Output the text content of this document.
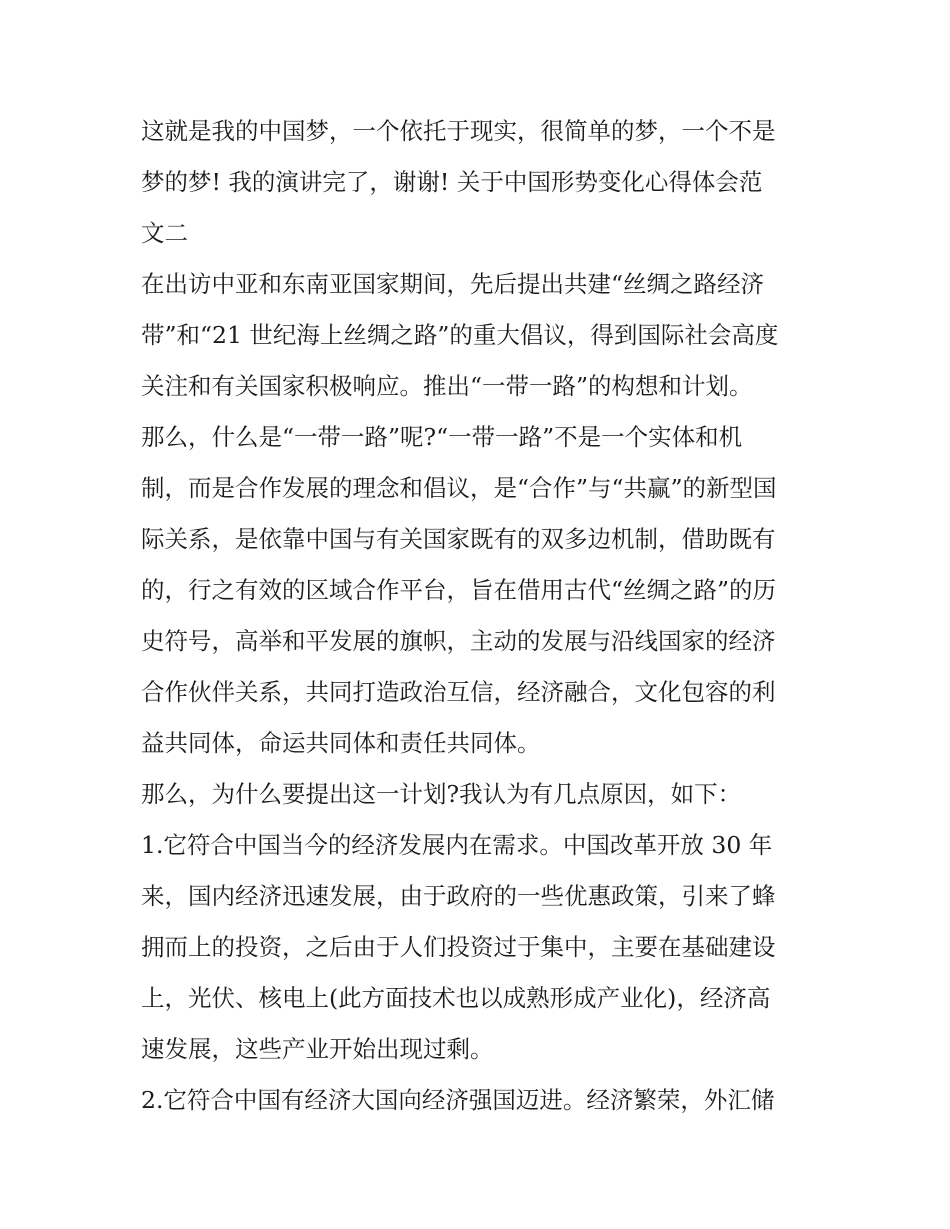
这就是我的中国梦，一个依托于现实，很简单的梦，一个不是
梦的梦! 我的演讲完了，谢谢! 关于中国形势变化心得体会范
文二
在出访中亚和东南亚国家期间，先后提出共建“丝绸之路经济
带”和“21 世纪海上丝绸之路”的重大倡议，得到国际社会高度
关注和有关国家积极响应。推出“一带一路”的构想和计划。
那么，什么是“一带一路”呢?“一带一路”不是一个实体和机
制，而是合作发展的理念和倡议，是“合作”与“共赢”的新型国
际关系，是依靠中国与有关国家既有的双多边机制，借助既有
的，行之有效的区域合作平台，旨在借用古代“丝绸之路”的历
史符号，高举和平发展的旗帜，主动的发展与沿线国家的经济
合作伙伴关系，共同打造政治互信，经济融合，文化包容的利
益共同体，命运共同体和责任共同体。
那么，为什么要提出这一计划?我认为有几点原因，如下：
1.它符合中国当今的经济发展内在需求。中国改革开放 30 年
来，国内经济迅速发展，由于政府的一些优惠政策，引来了蜂
拥而上的投资，之后由于人们投资过于集中，主要在基础建设
上，光伏、核电上(此方面技术也以成熟形成产业化)，经济高
速发展，这些产业开始出现过剩。
2.它符合中国有经济大国向经济强国迈进。经济繁荣，外汇储
